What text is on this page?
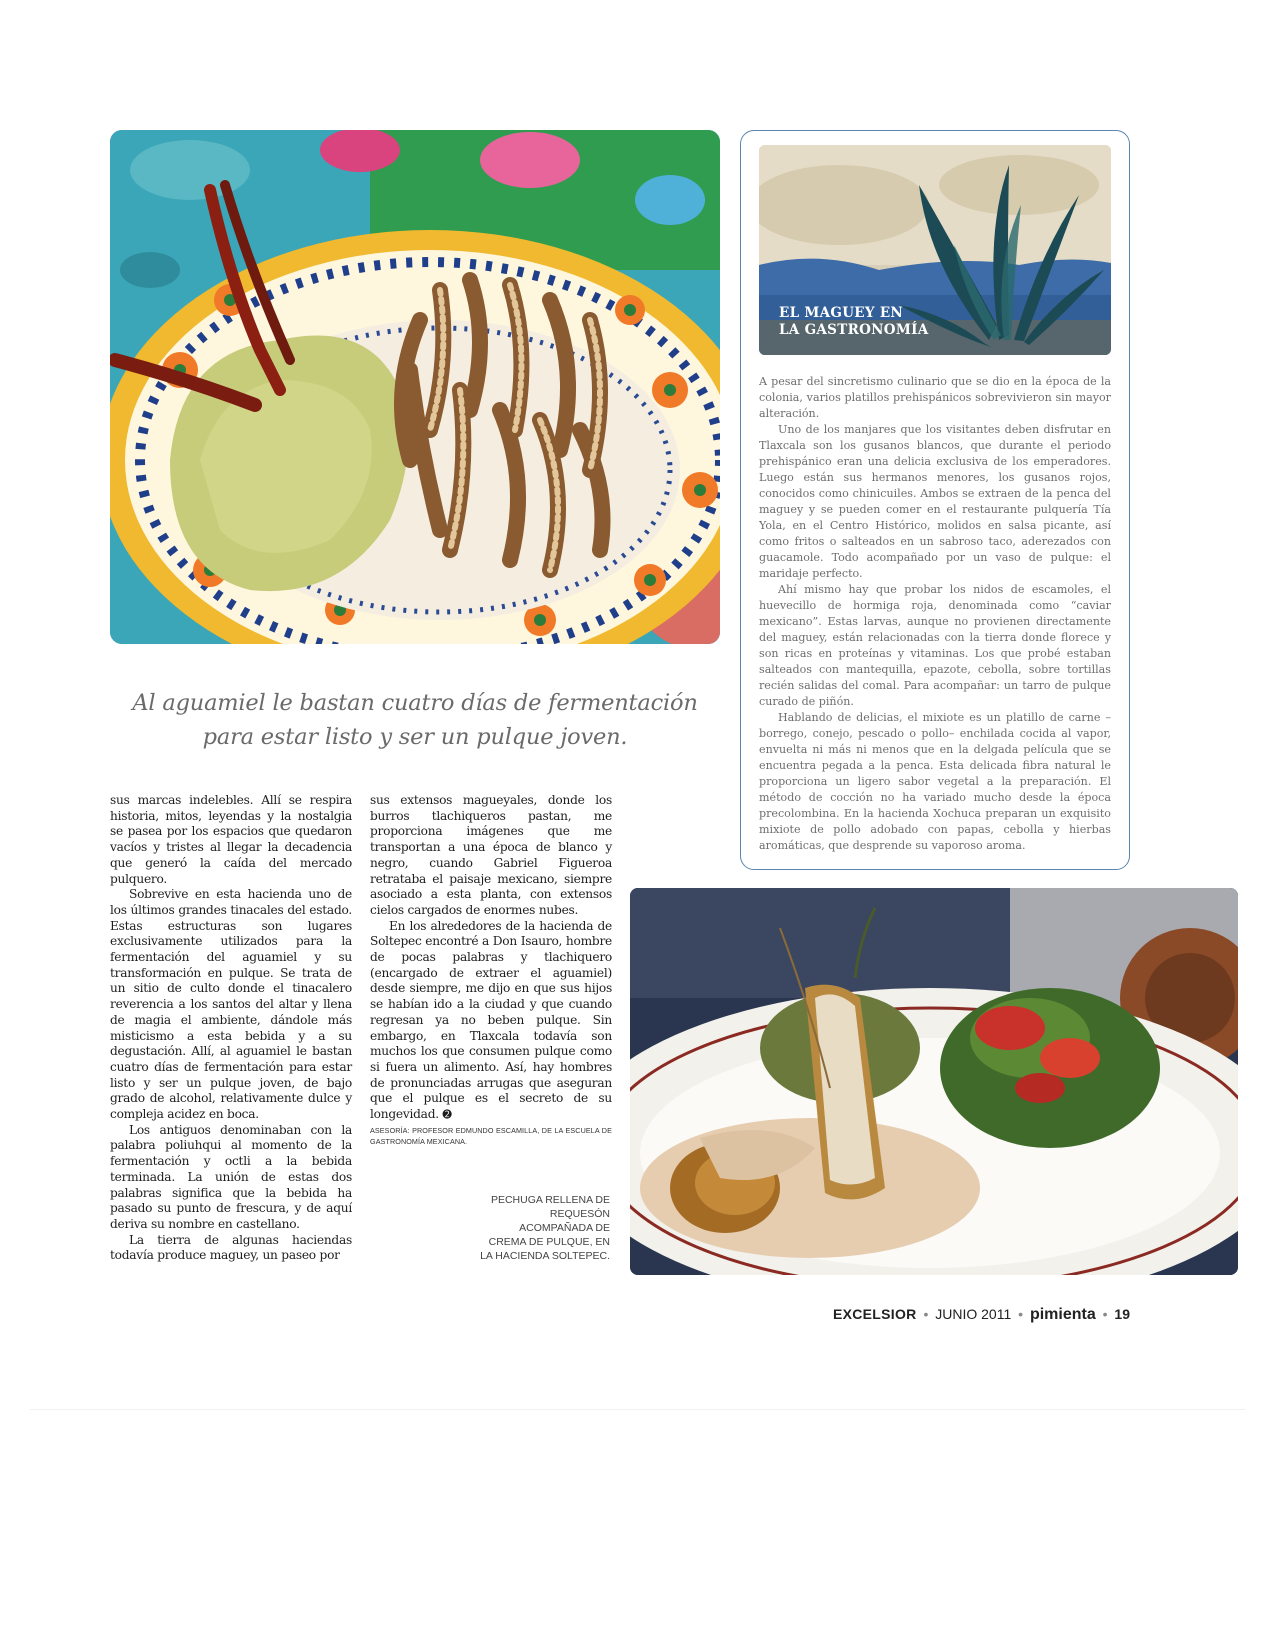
EL MAGUEY EN
LA GASTRONOMÍA

A pesar del sincretismo culinario que se dio en la época de la colonia, varios platillos prehispánicos sobrevivieron sin mayor alteración.

Uno de los manjares que los visitantes deben disfrutar en Tlaxcala son los gusanos blancos, que durante el periodo prehispánico eran una delicia exclusiva de los emperadores. Luego están sus hermanos menores, los gusanos rojos, conocidos como chinicuiles. Ambos se extraen de la penca del maguey y se pueden comer en el restaurante pulquería Tía Yola, en el Centro Histórico, molidos en salsa picante, así como fritos o salteados en un sabroso taco, aderezados con guacamole. Todo acompañado por un vaso de pulque: el maridaje perfecto.

Ahí mismo hay que probar los nidos de escamoles, el huevecillo de hormiga roja, denominada como “caviar mexicano”. Estas larvas, aunque no provienen directamente del maguey, están relacionadas con la tierra donde florece y son ricas en proteínas y vitaminas. Los que probé estaban salteados con mantequilla, epazote, cebolla, sobre tortillas recién salidas del comal. Para acompañar: un tarro de pulque curado de piñón.

Hablando de delicias, el mixiote es un platillo de carne –borrego, conejo, pescado o pollo– enchilada cocida al vapor, envuelta ni más ni menos que en la delgada película que se encuentra pegada a la penca. Esta delicada fibra natural le proporciona un ligero sabor vegetal a la preparación. El método de cocción no ha variado mucho desde la época precolombina. En la hacienda Xochuca preparan un exquisito mixiote de pollo adobado con papas, cebolla y hierbas aromáticas, que desprende su vaporoso aroma.

Al aguamiel le bastan cuatro días de fermentación para estar listo y ser un pulque joven.

sus marcas indelebles. Allí se respira historia, mitos, leyendas y la nostalgia se pasea por los espacios que quedaron vacíos y tristes al llegar la decadencia que generó la caída del mercado pulquero.

Sobrevive en esta hacienda uno de los últimos grandes tinacales del estado. Estas estructuras son lugares exclusivamente utilizados para la fermentación del aguamiel y su transformación en pulque. Se trata de un sitio de culto donde el tinacalero reverencia a los santos del altar y llena de magia el ambiente, dándole más misticismo a esta bebida y a su degustación. Allí, al aguamiel le bastan cuatro días de fermentación para estar listo y ser un pulque joven, de bajo grado de alcohol, relativamente dulce y compleja acidez en boca.

Los antiguos denominaban con la palabra poliuhqui al momento de la fermentación y octli a la bebida terminada. La unión de estas dos palabras significa que la bebida ha pasado su punto de frescura, y de aquí deriva su nombre en castellano.

La tierra de algunas haciendas todavía produce maguey, un paseo por

sus extensos magueyales, donde los burros tlachiqueros pastan, me proporciona imágenes que me transportan a una época de blanco y negro, cuando Gabriel Figueroa retrataba el paisaje mexicano, siempre asociado a esta planta, con extensos cielos cargados de enormes nubes.

En los alrededores de la hacienda de Soltepec encontré a Don Isauro, hombre de pocas palabras y tlachiquero (encargado de extraer el aguamiel) desde siempre, me dijo en que sus hijos se habían ido a la ciudad y que cuando regresan ya no beben pulque. Sin embargo, en Tlaxcala todavía son muchos los que consumen pulque como si fuera un alimento. Así, hay hombres de pronunciadas arrugas que aseguran que el pulque es el secreto de su longevidad. ➋

ASESORÍA: PROFESOR EDMUNDO ESCAMILLA, DE LA ESCUELA DE GASTRONOMÍA MEXICANA.
PECHUGA RELLENA DE REQUESÓN ACOMPAÑADA DE CREMA DE PULQUE, EN LA HACIENDA SOLTEPEC.
EXCELSIOR • JUNIO 2011 • pimienta • 19
